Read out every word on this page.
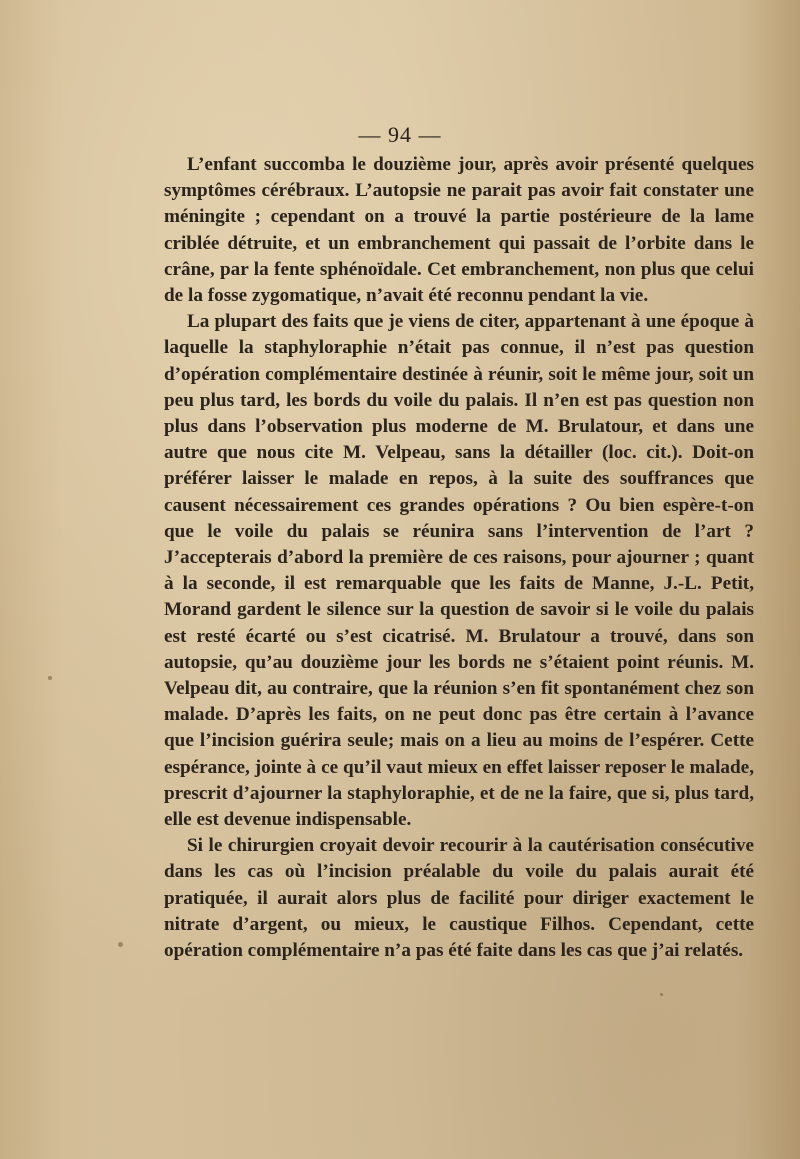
— 94 —

L’enfant succomba le douzième jour, après avoir présenté quelques symptômes cérébraux. L’autopsie ne parait pas avoir fait constater une méningite ; cependant on a trouvé la partie postérieure de la lame criblée détruite, et un embranchement qui passait de l’orbite dans le crâne, par la fente sphénoïdale. Cet embranchement, non plus que celui de la fosse zygomatique, n’avait été reconnu pendant la vie.

La plupart des faits que je viens de citer, appartenant à une époque à laquelle la staphyloraphie n’était pas connue, il n’est pas question d’opération complémentaire destinée à réunir, soit le même jour, soit un peu plus tard, les bords du voile du palais. Il n’en est pas question non plus dans l’observation plus moderne de M. Brulatour, et dans une autre que nous cite M. Velpeau, sans la détailler (loc. cit.). Doit-on préférer laisser le malade en repos, à la suite des souffrances que causent nécessairement ces grandes opérations ? Ou bien espère-t-on que le voile du palais se réunira sans l’intervention de l’art ? J’accepterais d’abord la première de ces raisons, pour ajourner ; quant à la seconde, il est remarquable que les faits de Manne, J.-L. Petit, Morand gardent le silence sur la question de savoir si le voile du palais est resté écarté ou s’est cicatrisé. M. Brulatour a trouvé, dans son autopsie, qu’au douzième jour les bords ne s’étaient point réunis. M. Velpeau dit, au contraire, que la réunion s’en fit spontanément chez son malade. D’après les faits, on ne peut donc pas être certain à l’avance que l’incision guérira seule; mais on a lieu au moins de l’espérer. Cette espérance, jointe à ce qu’il vaut mieux en effet laisser reposer le malade, prescrit d’ajourner la staphyloraphie, et de ne la faire, que si, plus tard, elle est devenue indispensable.

Si le chirurgien croyait devoir recourir à la cautérisation consécutive dans les cas où l’incision préalable du voile du palais aurait été pratiquée, il aurait alors plus de facilité pour diriger exactement le nitrate d’argent, ou mieux, le caustique Filhos. Cependant, cette opération complémentaire n’a pas été faite dans les cas que j’ai relatés.
